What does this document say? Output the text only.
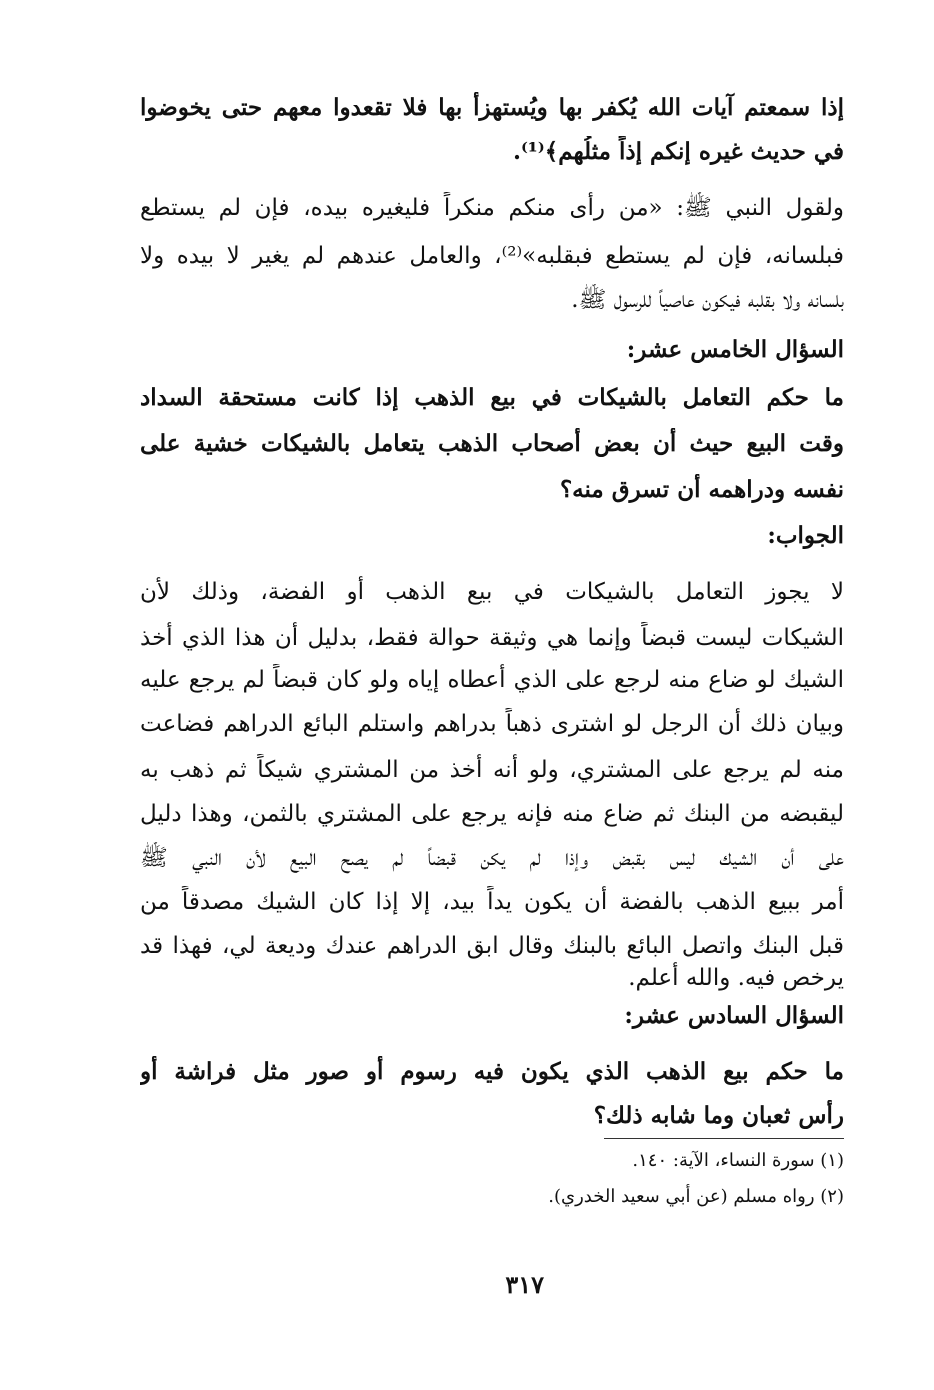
إذا سمعتم آيات الله يُكفر بها ويُستهزأ بها فلا تقعدوا معهم حتى يخوضوا
في حديث غيره إنكم إذاً مثلُهم﴾⁽¹⁾.
ولقول النبي ﷺ: «من رأى منكم منكراً فليغيره بيده، فإن لم يستطع
فبلسانه، فإن لم يستطع فبقلبه»⁽²⁾، والعامل عندهم لم يغير لا بيده ولا
بلسانه ولا بقلبه فيكون عاصياً للرسول ﷺ.
السؤال الخامس عشر:
ما حكم التعامل بالشيكات في بيع الذهب إذا كانت مستحقة السداد
وقت البيع حيث أن بعض أصحاب الذهب يتعامل بالشيكات خشية على
نفسه ودراهمه أن تسرق منه؟
الجواب:
لا يجوز التعامل بالشيكات في بيع الذهب أو الفضة، وذلك لأن
الشيكات ليست قبضاً وإنما هي وثيقة حوالة فقط، بدليل أن هذا الذي أخذ
الشيك لو ضاع منه لرجع على الذي أعطاه إياه ولو كان قبضاً لم يرجع عليه
وبيان ذلك أن الرجل لو اشترى ذهباً بدراهم واستلم البائع الدراهم فضاعت
منه لم يرجع على المشتري، ولو أنه أخذ من المشتري شيكاً ثم ذهب به
ليقبضه من البنك ثم ضاع منه فإنه يرجع على المشتري بالثمن، وهذا دليل
على أن الشيك ليس بقبض وإذا لم يكن قبضاً لم يصح البيع لأن النبي ﷺ
أمر ببيع الذهب بالفضة أن يكون يداً بيد، إلا إذا كان الشيك مصدقاً من
قبل البنك واتصل البائع بالبنك وقال ابق الدراهم عندك وديعة لي، فهذا قد
يرخص فيه. والله أعلم.
السؤال السادس عشر:
ما حكم بيع الذهب الذي يكون فيه رسوم أو صور مثل فراشة أو
رأس ثعبان وما شابه ذلك؟
(١) سورة النساء، الآية: ١٤٠.
(٢) رواه مسلم (عن أبي سعيد الخدري).
٣١٧
